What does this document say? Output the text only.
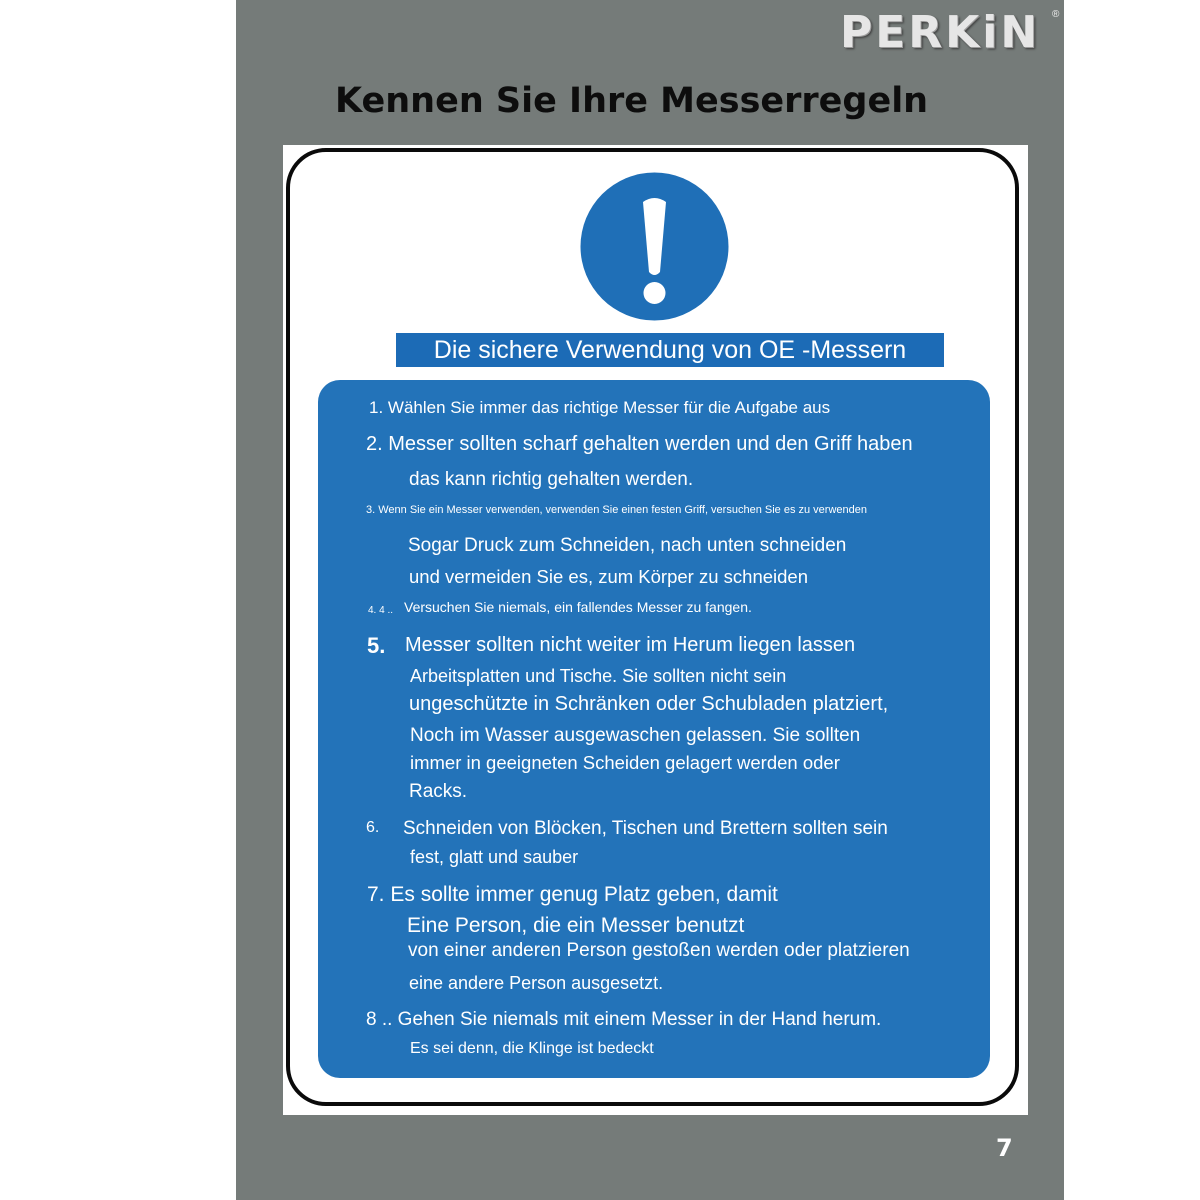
PERKiN ®
Kennen Sie Ihre Messerregeln
Die sichere Verwendung von OE -Messern

1. Wählen Sie immer das richtige Messer für die Aufgabe aus

2. Messer sollten scharf gehalten werden und den Griff haben

das kann richtig gehalten werden.

3. Wenn Sie ein Messer verwenden, verwenden Sie einen festen Griff, versuchen Sie es zu verwenden

Sogar Druck zum Schneiden, nach unten schneiden

und vermeiden Sie es, zum Körper zu schneiden

4. 4 .. Versuchen Sie niemals, ein fallendes Messer zu fangen.

5. Messer sollten nicht weiter im Herum liegen lassen

Arbeitsplatten und Tische. Sie sollten nicht sein

ungeschützte in Schränken oder Schubladen platziert,

Noch im Wasser ausgewaschen gelassen. Sie sollten

immer in geeigneten Scheiden gelagert werden oder

Racks.

6. Schneiden von Blöcken, Tischen und Brettern sollten sein

fest, glatt und sauber

7. Es sollte immer genug Platz geben, damit

Eine Person, die ein Messer benutzt

von einer anderen Person gestoßen werden oder platzieren

eine andere Person ausgesetzt.

8 .. Gehen Sie niemals mit einem Messer in der Hand herum.

Es sei denn, die Klinge ist bedeckt

7
